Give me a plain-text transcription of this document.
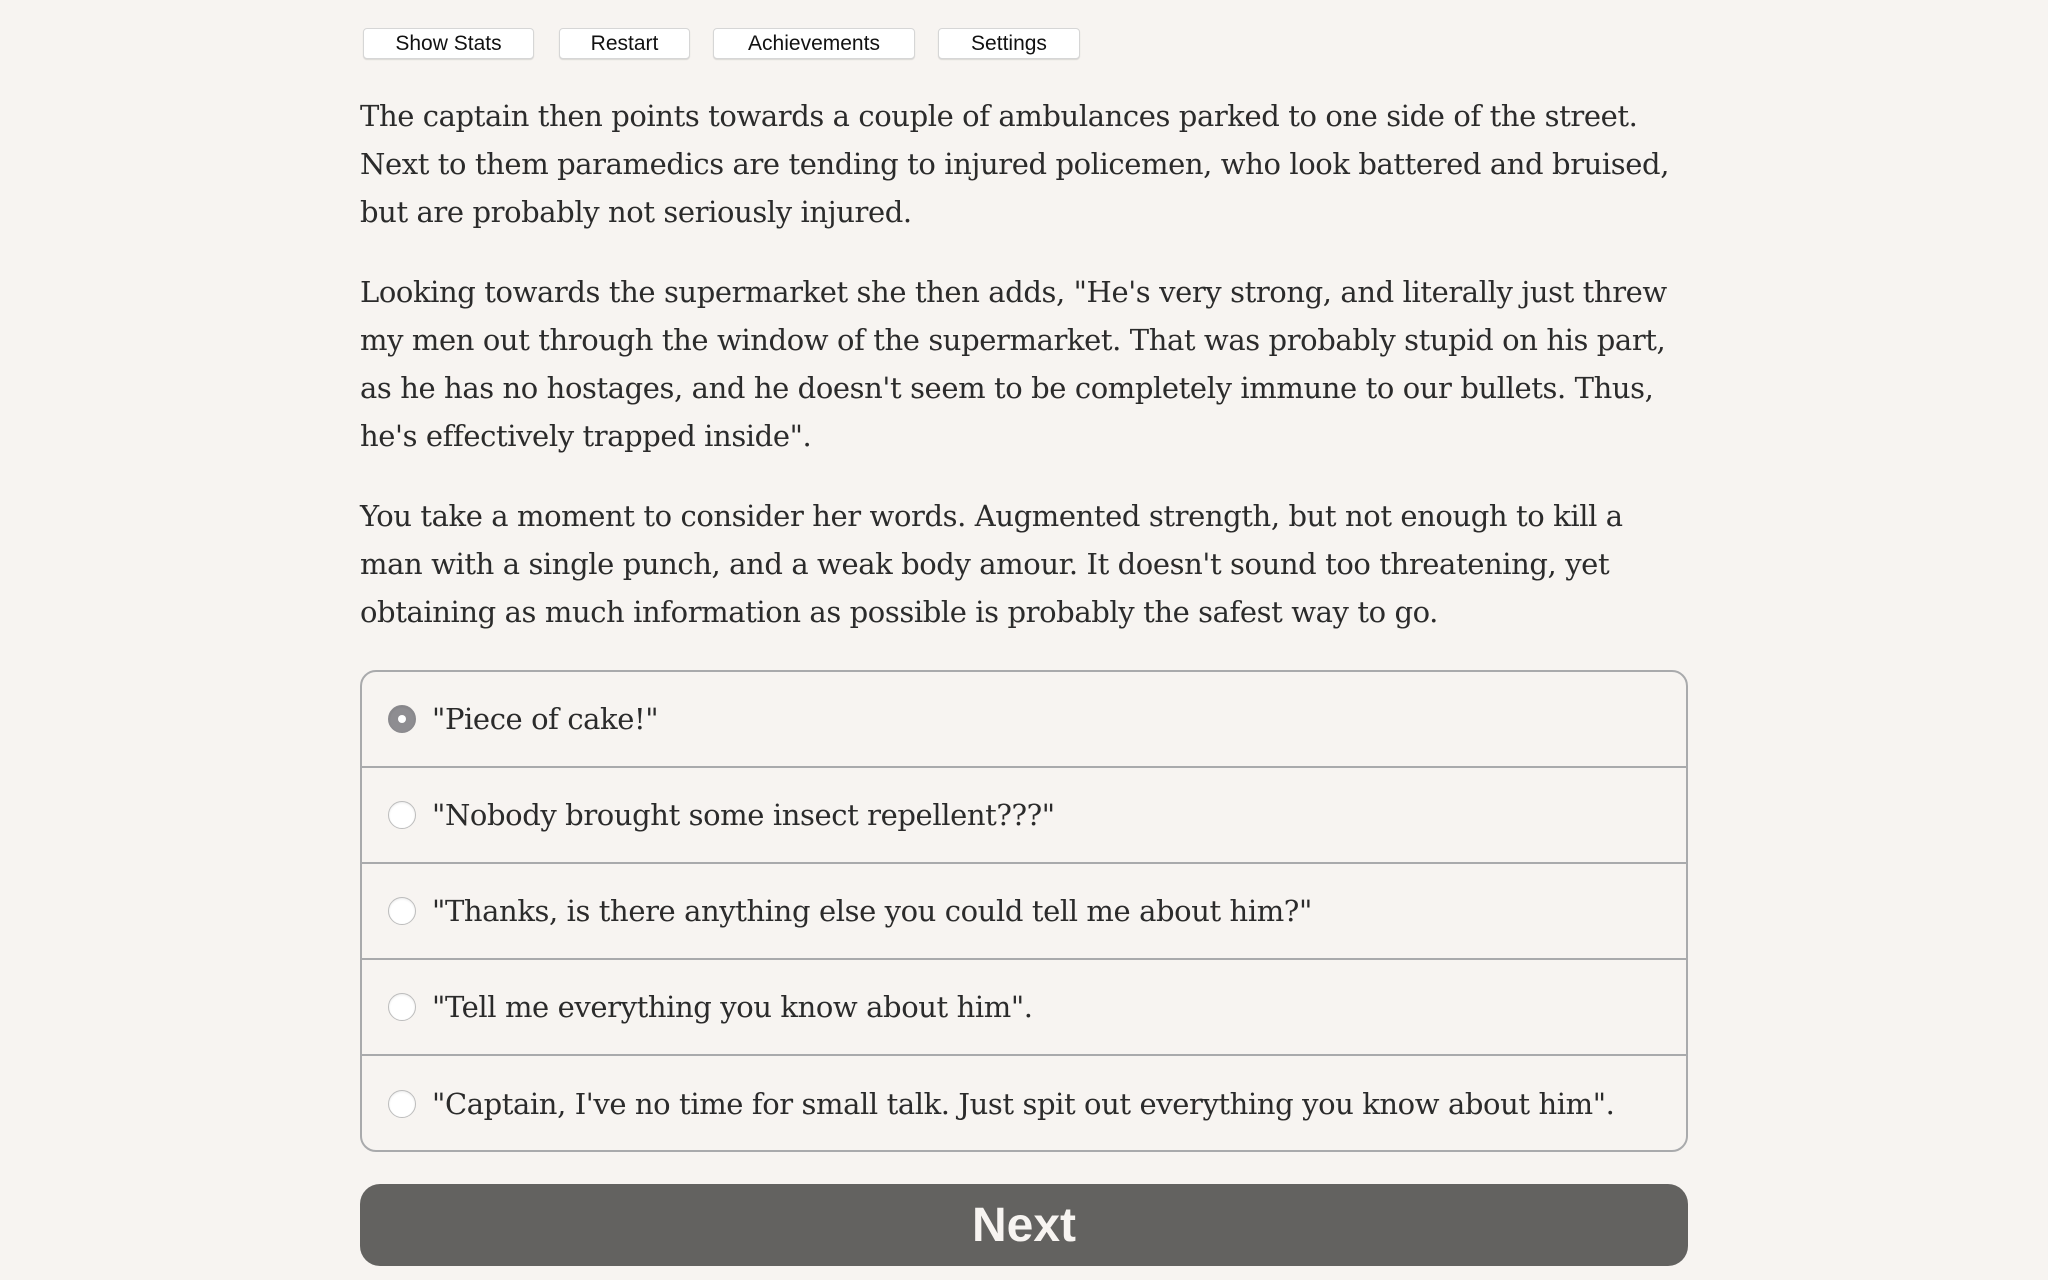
Show Stats	Restart	Achievements	Settings

The captain then points towards a couple of ambulances parked to one side of the street. Next to them paramedics are tending to injured policemen, who look battered and bruised, but are probably not seriously injured.

Looking towards the supermarket she then adds, "He's very strong, and literally just threw my men out through the window of the supermarket. That was probably stupid on his part, as he has no hostages, and he doesn't seem to be completely immune to our bullets. Thus, he's effectively trapped inside".

You take a moment to consider her words. Augmented strength, but not enough to kill a man with a single punch, and a weak body amour. It doesn't sound too threatening, yet obtaining as much information as possible is probably the safest way to go.

"Piece of cake!"
"Nobody brought some insect repellent???"
"Thanks, is there anything else you could tell me about him?"
"Tell me everything you know about him".
"Captain, I've no time for small talk. Just spit out everything you know about him".
Next
